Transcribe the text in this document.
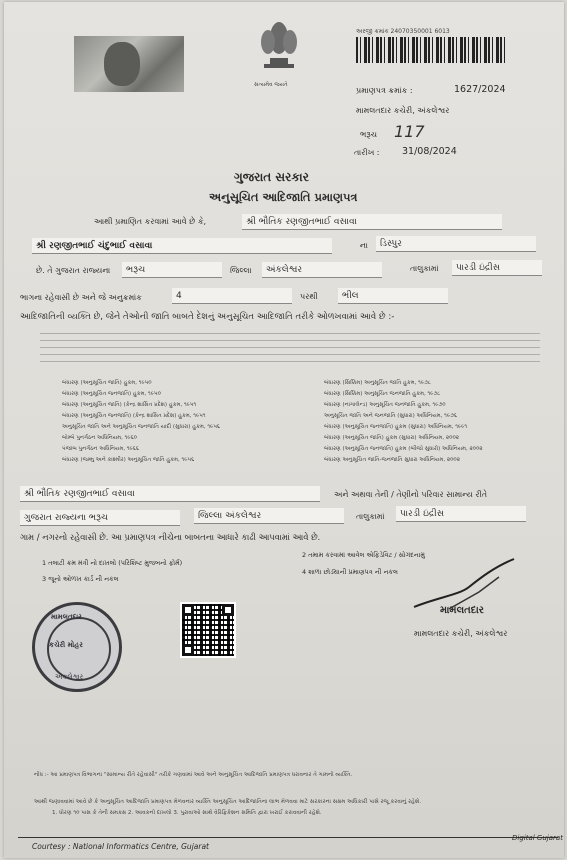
સત્યમેવ જયતે
અરજી ક્રમાંક 24070350001 6013
પ્રમાણપત્ર ક્રમાંક :	1627/2024
મામલતદાર કચેરી, અંકલેશ્વર
ભરૂચ 117
તારીખ : 31/08/2024
ગુજરાત સરકાર
અનુસૂચિત આદિજાતિ પ્રમાણપત્ર
આથી પ્રમાણિત કરવામાં આવે છે કે,	શ્રી ભૌતિક રણજીતભાઈ વસાવા
શ્રી રણજીતભાઈ ચંદુભાઈ વસાવા	ના	ડિસ્પુર
છે. તે ગુજરાત રાજ્યના	ભરૂચ	જિલ્લા	અંકલેશ્વર	તાલુકામાં	પારડી ઇંદ્રીસ
ભાગના રહેવાસી છે અને જે અનુક્રમાંક	4	પરથી	ભીલ
આદિજાતિની વ્યક્તિ છે, જેને તેઓની જાતિ બાબતે દેશનું અનુસૂચિત આદિજાતિ તરીકે ઓળખવામાં આવે છે :-
બંધારણ (અનુસૂચિત જાતિ) હુકમ, ૧૯૫૦
બંધારણ (અનુસૂચિત જનજાતિ) હુકમ, ૧૯૫૦
બંધારણ (અનુસૂચિત જાતિ) (કેન્દ્ર શાસિત પ્રદેશ) હુકમ, ૧૯૫૧
બંધારણ (અનુસૂચિત જનજાતિ) (કેન્દ્ર શાસિત પ્રદેશ) હુકમ, ૧૯૫૧
અનુસૂચિત જાતિ અને અનુસૂચિત જનજાતિ યાદી (સુધારા) હુકમ, ૧૯૫૬
બોમ્બે પુનર્ગઠન અધિનિયમ, ૧૯૬૦
પંજાબ પુનર્ગઠન અધિનિયમ, ૧૯૬૬
બંધારણ (જમ્મુ અને કાશ્મીર) અનુસૂચિત જાતિ હુકમ, ૧૯૫૬
બંધારણ (સિક્કિમ) અનુસૂચિત જાતિ હુકમ, ૧૯૭૮
બંધારણ (સિક્કિમ) અનુસૂચિત જનજાતિ હુકમ, ૧૯૭૮
બંધારણ (નાગાલેન્ડ) અનુસૂચિત જનજાતિ હુકમ, ૧૯૭૦
અનુસૂચિત જાતિ અને જનજાતિ (સુધારા) અધિનિયમ, ૧૯૭૬
બંધારણ (અનુસૂચિત જનજાતિ) હુકમ (સુધારા) અધિનિયમ, ૧૯૯૧
બંધારણ (અનુસૂચિત જાતિ) હુકમ (સુધારા) અધિનિયમ, ૨૦૦૨
બંધારણ (અનુસૂચિત જનજાતિ) હુકમ (બીજો સુધારો) અધિનિયમ, ૨૦૦૨
બંધારણ અનુસૂચિત જાતિ-જનજાતિ સુધારા અધિનિયમ, ૨૦૦૨
શ્રી ભૌતિક રણજીતભાઈ વસાવા	અને અથવા તેની / તેણીનો પરિવાર સામાન્ય રીતે
ગુજરાત રાજ્યના ભરૂચ	જિલ્લા અંકલેશ્વર	તાલુકામાં	પારડી ઇંદ્રીસ
ગામ / નગરનો રહેવાસી છે. આ પ્રમાણપત્ર નીચેના બાબતના આધારે કાઢી આપવામાં આવે છે.
1 તલાટી ક્રમ મંત્રી નો દાખલો (પરિશિષ્ટ મુજબનો ફોર્મ)
2 તમામ કરવામાં આવેલ એફિડેવિટ / સોગંદનામું
3 જૂનો ઓળખ કાર્ડ ની નકલ
4 શાળા છોડ્યાની પ્રમાણપત્ર ની નકલ
મામલતદાર
કચેરી મોહર
અંકલેશ્વર
મામલતદાર
મામલતદાર કચેરી, અંકલેશ્વર
નોંધ :- આ પ્રમાણપત્ર વિભાગના "સામાન્ય રીતે રહેવાસી" તરીકે ગણવામાં આવે અને અનુસૂચિત આદિજાતિ પ્રમાણપત્ર ધરાવનાર તે ગામનો વ્યક્તિ.
આથી જણાવવામાં આવે છે કે અનુસૂચિત આદિજાતિ પ્રમાણપત્ર મેળવનાર વ્યક્તિ અનુસૂચિત આદિજાતિના લાભ મેળવવા માટે સરકારના સક્ષમ અધિકારી પાસે રજૂ કરવાનું રહેશે.
1. ધોરણ ૧૦ પાસ કે તેની સમકક્ષ 2. આવકનો દાખલો 3. પુરાવાઓ સાથે વેરિફિકેશન સમિતિ દ્વારા ખરાઈ કરાવવાની રહેશે.
Courtesy : National Informatics Centre, Gujarat
Digital Gujarat
